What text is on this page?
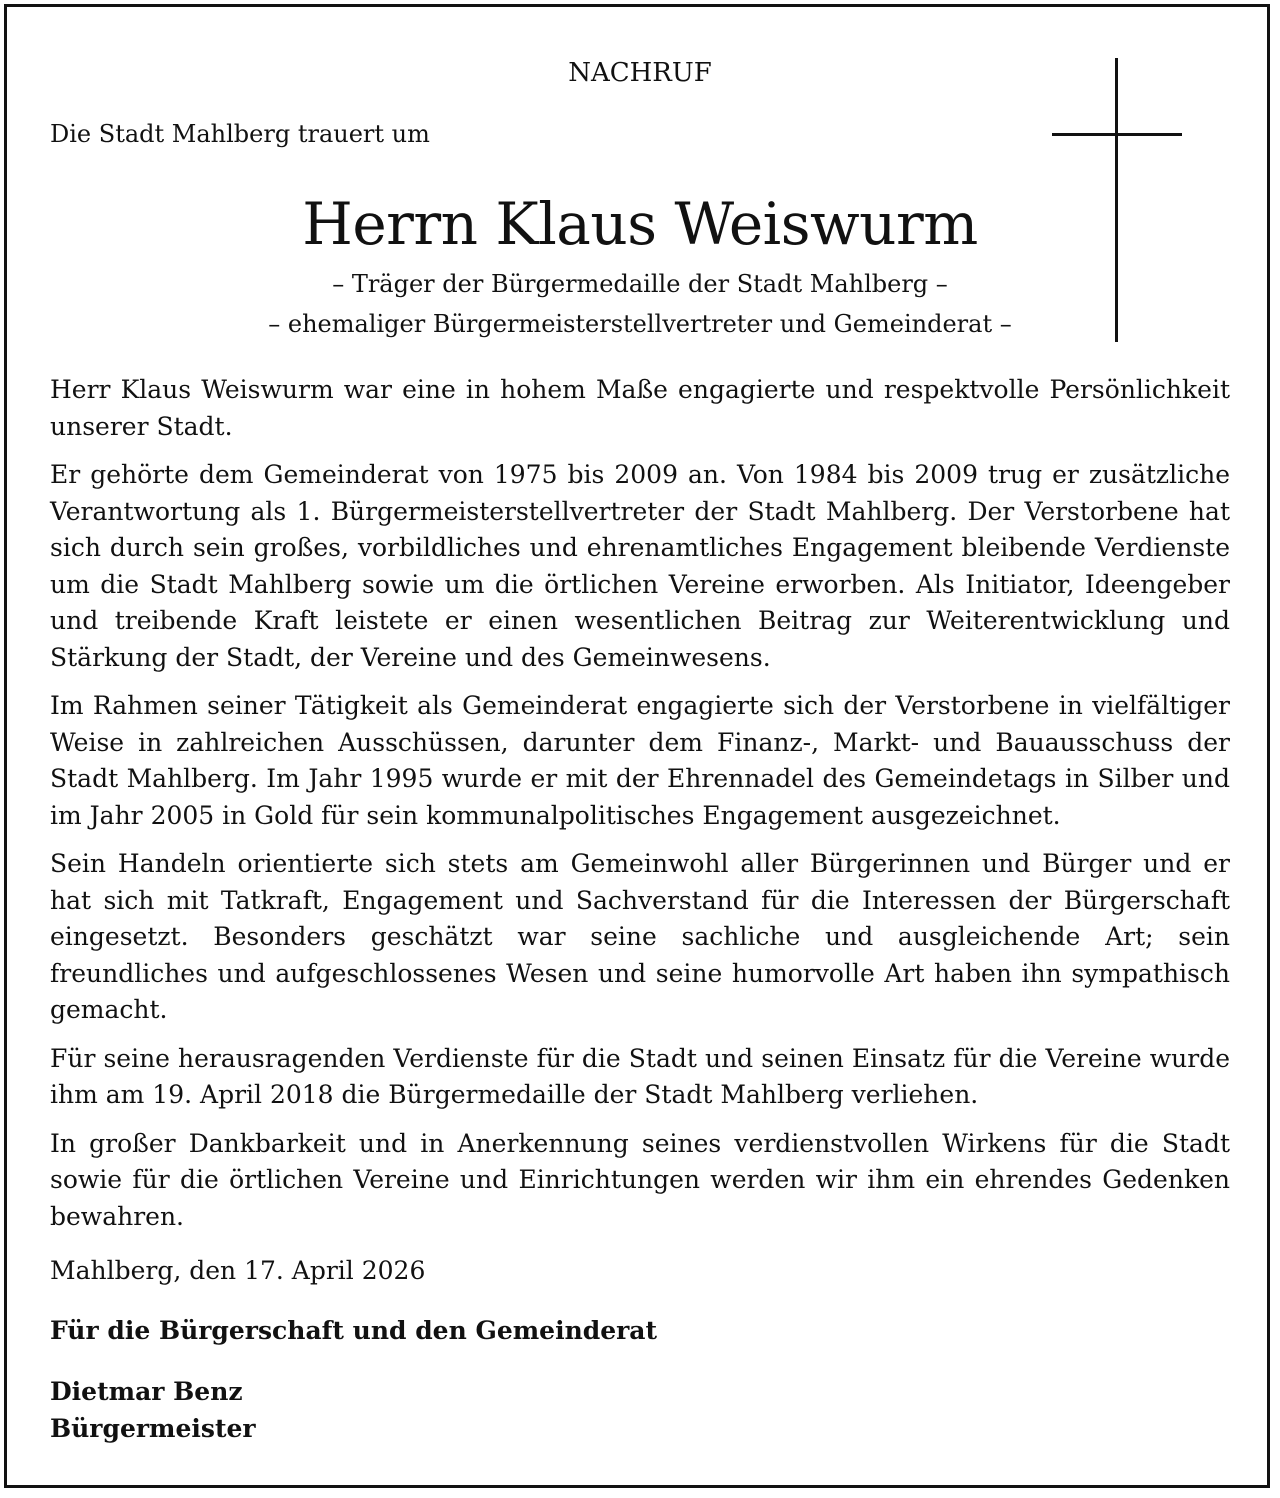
NACHRUF
Die Stadt Mahlberg trauert um
Herrn Klaus Weiswurm
– Träger der Bürgermedaille der Stadt Mahlberg –
– ehemaliger Bürgermeisterstellvertreter und Gemeinderat –

Herr Klaus Weiswurm war eine in hohem Maße engagierte und respektvolle Persönlichkeit unserer Stadt.

Er gehörte dem Gemeinderat von 1975 bis 2009 an. Von 1984 bis 2009 trug er zusätzliche Verantwortung als 1. Bürgermeisterstellvertreter der Stadt Mahlberg. Der Verstorbene hat sich durch sein großes, vorbildliches und ehrenamtliches Engagement bleibende Verdienste um die Stadt Mahlberg sowie um die örtlichen Vereine erworben. Als Initiator, Ideengeber und treibende Kraft leistete er einen wesentlichen Beitrag zur Weiterentwicklung und Stärkung der Stadt, der Vereine und des Gemeinwesens.

Im Rahmen seiner Tätigkeit als Gemeinderat engagierte sich der Verstorbene in vielfältiger Weise in zahlreichen Ausschüssen, darunter dem Finanz-, Markt- und Bauausschuss der Stadt Mahlberg. Im Jahr 1995 wurde er mit der Ehrennadel des Gemeindetags in Silber und im Jahr 2005 in Gold für sein kommunalpolitisches Engagement ausgezeichnet.

Sein Handeln orientierte sich stets am Gemeinwohl aller Bürgerinnen und Bürger und er hat sich mit Tatkraft, Engagement und Sachverstand für die Interessen der Bürgerschaft eingesetzt. Besonders geschätzt war seine sachliche und ausgleichende Art; sein freundliches und aufgeschlossenes Wesen und seine humorvolle Art haben ihn sympathisch gemacht.

Für seine herausragenden Verdienste für die Stadt und seinen Einsatz für die Vereine wurde ihm am 19. April 2018 die Bürgermedaille der Stadt Mahlberg verliehen.

In großer Dankbarkeit und in Anerkennung seines verdienstvollen Wirkens für die Stadt sowie für die örtlichen Vereine und Einrichtungen werden wir ihm ein ehrendes Gedenken bewahren.

Mahlberg, den 17. April 2026
Für die Bürgerschaft und den Gemeinderat
Dietmar Benz
Bürgermeister
